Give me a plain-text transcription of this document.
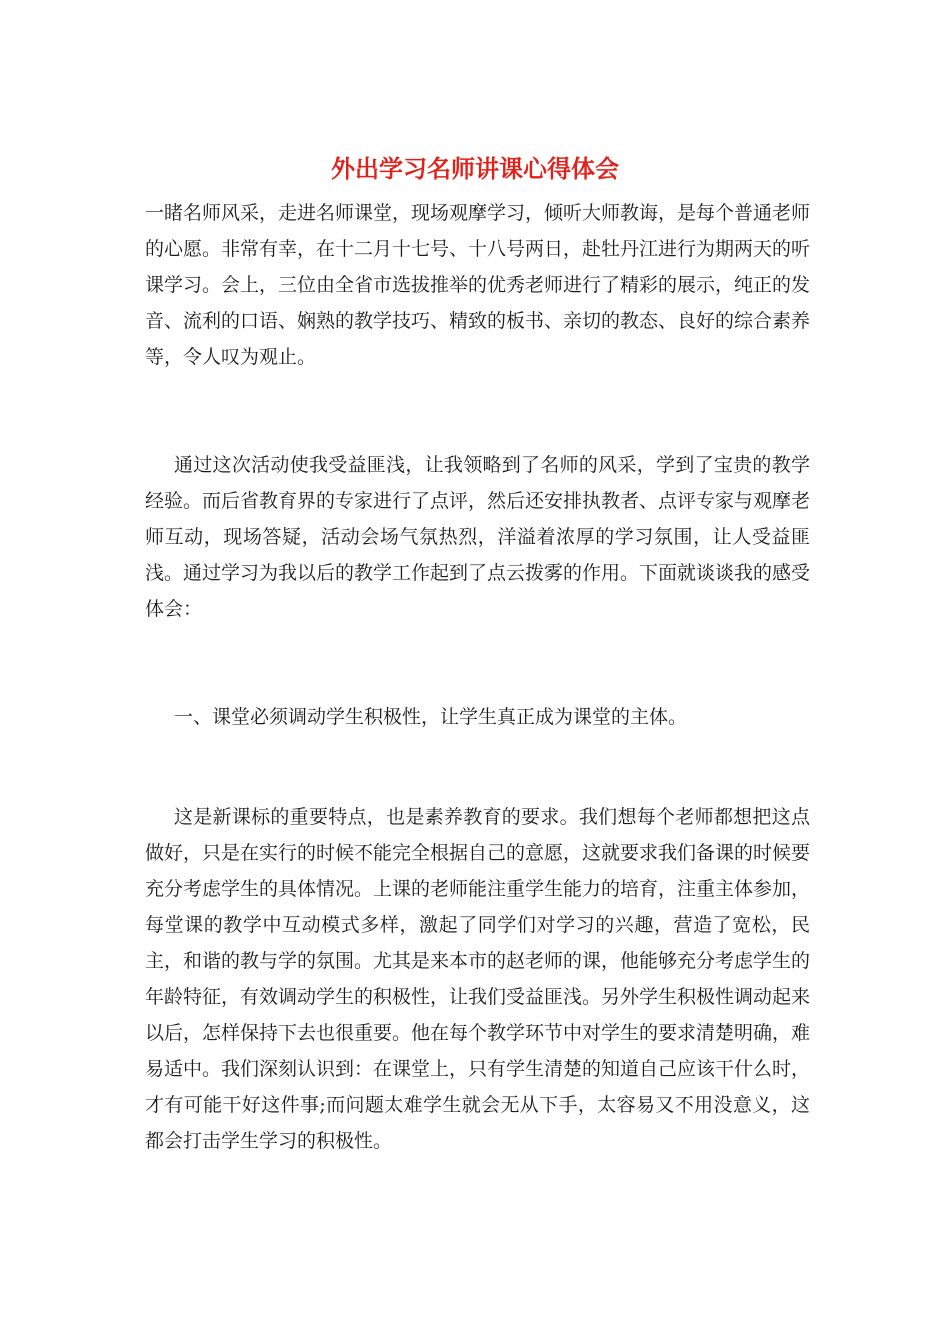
外出学习名师讲课心得体会

一睹名师风采，走进名师课堂，现场观摩学习，倾听大师教诲，是每个普通老师的心愿。非常有幸，在十二月十七号、十八号两日，赴牡丹江进行为期两天的听课学习。会上，三位由全省市选拔推举的优秀老师进行了精彩的展示，纯正的发音、流利的口语、娴熟的教学技巧、精致的板书、亲切的教态、良好的综合素养等，令人叹为观止。

通过这次活动使我受益匪浅，让我领略到了名师的风采，学到了宝贵的教学经验。而后省教育界的专家进行了点评，然后还安排执教者、点评专家与观摩老师互动，现场答疑，活动会场气氛热烈，洋溢着浓厚的学习氛围，让人受益匪浅。通过学习为我以后的教学工作起到了点云拨雾的作用。下面就谈谈我的感受体会：

一、课堂必须调动学生积极性，让学生真正成为课堂的主体。

这是新课标的重要特点，也是素养教育的要求。我们想每个老师都想把这点做好，只是在实行的时候不能完全根据自己的意愿，这就要求我们备课的时候要充分考虑学生的具体情况。上课的老师能注重学生能力的培育，注重主体参加，每堂课的教学中互动模式多样，激起了同学们对学习的兴趣，营造了宽松，民主，和谐的教与学的氛围。尤其是来本市的赵老师的课，他能够充分考虑学生的年龄特征，有效调动学生的积极性，让我们受益匪浅。另外学生积极性调动起来以后，怎样保持下去也很重要。他在每个教学环节中对学生的要求清楚明确，难易适中。我们深刻认识到：在课堂上，只有学生清楚的知道自己应该干什么时，才有可能干好这件事;而问题太难学生就会无从下手，太容易又不用没意义，这都会打击学生学习的积极性。
